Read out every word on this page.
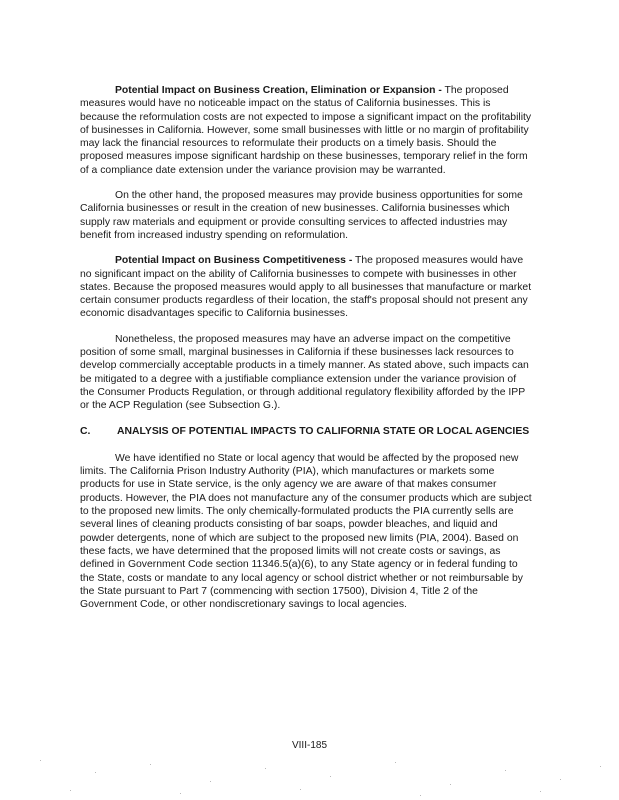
Potential Impact on Business Creation, Elimination or Expansion - The proposed measures would have no noticeable impact on the status of California businesses. This is because the reformulation costs are not expected to impose a significant impact on the profitability of businesses in California. However, some small businesses with little or no margin of profitability may lack the financial resources to reformulate their products on a timely basis. Should the proposed measures impose significant hardship on these businesses, temporary relief in the form of a compliance date extension under the variance provision may be warranted.

On the other hand, the proposed measures may provide business opportunities for some California businesses or result in the creation of new businesses. California businesses which supply raw materials and equipment or provide consulting services to affected industries may benefit from increased industry spending on reformulation.

Potential Impact on Business Competitiveness - The proposed measures would have no significant impact on the ability of California businesses to compete with businesses in other states. Because the proposed measures would apply to all businesses that manufacture or market certain consumer products regardless of their location, the staff's proposal should not present any economic disadvantages specific to California businesses.

Nonetheless, the proposed measures may have an adverse impact on the competitive position of some small, marginal businesses in California if these businesses lack resources to develop commercially acceptable products in a timely manner. As stated above, such impacts can be mitigated to a degree with a justifiable compliance extension under the variance provision of the Consumer Products Regulation, or through additional regulatory flexibility afforded by the IPP or the ACP Regulation (see Subsection G.).

C.	ANALYSIS OF POTENTIAL IMPACTS TO CALIFORNIA STATE OR LOCAL AGENCIES

We have identified no State or local agency that would be affected by the proposed new limits. The California Prison Industry Authority (PIA), which manufactures or markets some products for use in State service, is the only agency we are aware of that makes consumer products. However, the PIA does not manufacture any of the consumer products which are subject to the proposed new limits. The only chemically-formulated products the PIA currently sells are several lines of cleaning products consisting of bar soaps, powder bleaches, and liquid and powder detergents, none of which are subject to the proposed new limits (PIA, 2004). Based on these facts, we have determined that the proposed limits will not create costs or savings, as defined in Government Code section 11346.5(a)(6), to any State agency or in federal funding to the State, costs or mandate to any local agency or school district whether or not reimbursable by the State pursuant to Part 7 (commencing with section 17500), Division 4, Title 2 of the Government Code, or other nondiscretionary savings to local agencies.

VIII-185
